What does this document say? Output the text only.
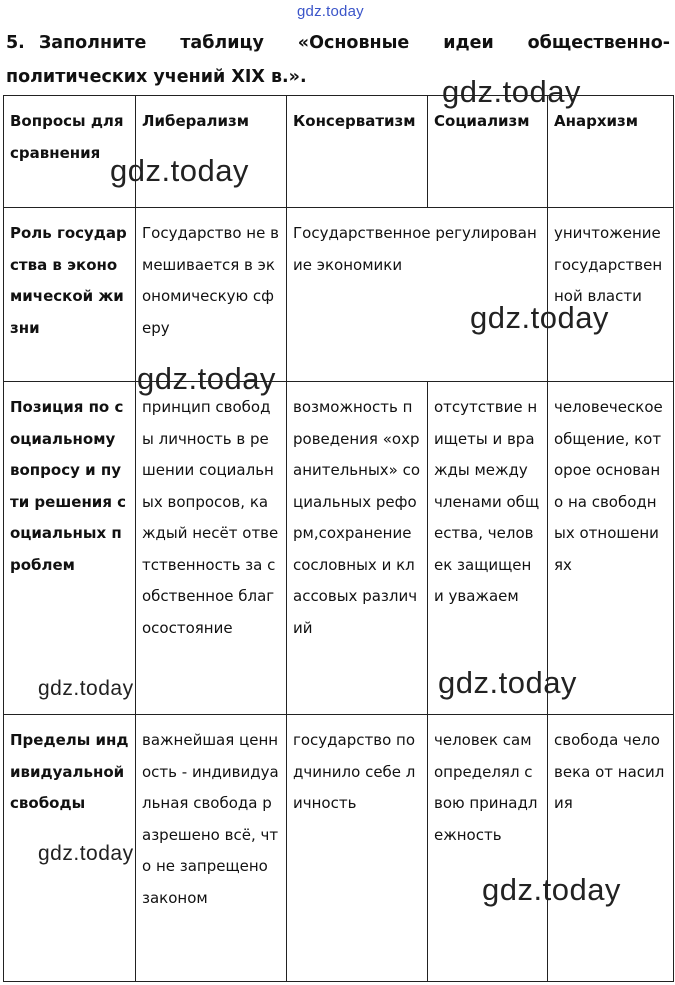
gdz.today
5. Заполните таблицу «Основные идеи общественно-политических учений XIX в.».
Вопросы для сравнения	Либерализм	Консерватизм	Социализм	Анархизм
Роль государства в экономической жизни	Государство не вмешивается в экономическую сферу	Государственное регулирование экономики		уничтожение государственной власти
Позиция по социальному вопросу и пути решения социальных проблем	принцип свободы личность в решении социальных вопросов, каждый несёт ответственность за собственное благосостояние	возможность проведения «охранительных» социальных реформ,сохранение сословных и классовых различий	отсутствие нищеты и вражды между членами общества, человек защищен и уважаем	человеческое общение, которое основано на свободных отношениях
Пределы индивидуальной свободы	важнейшая ценность - индивидуальная свобода разрешено всё, что не запрещено законом	государство подчинило себе личность	человек сам определял свою принадлежность	свобода человека от насилия
gdz.today
gdz.today
gdz.today
gdz.today
gdz.today
gdz.today
gdz.today
gdz.today
